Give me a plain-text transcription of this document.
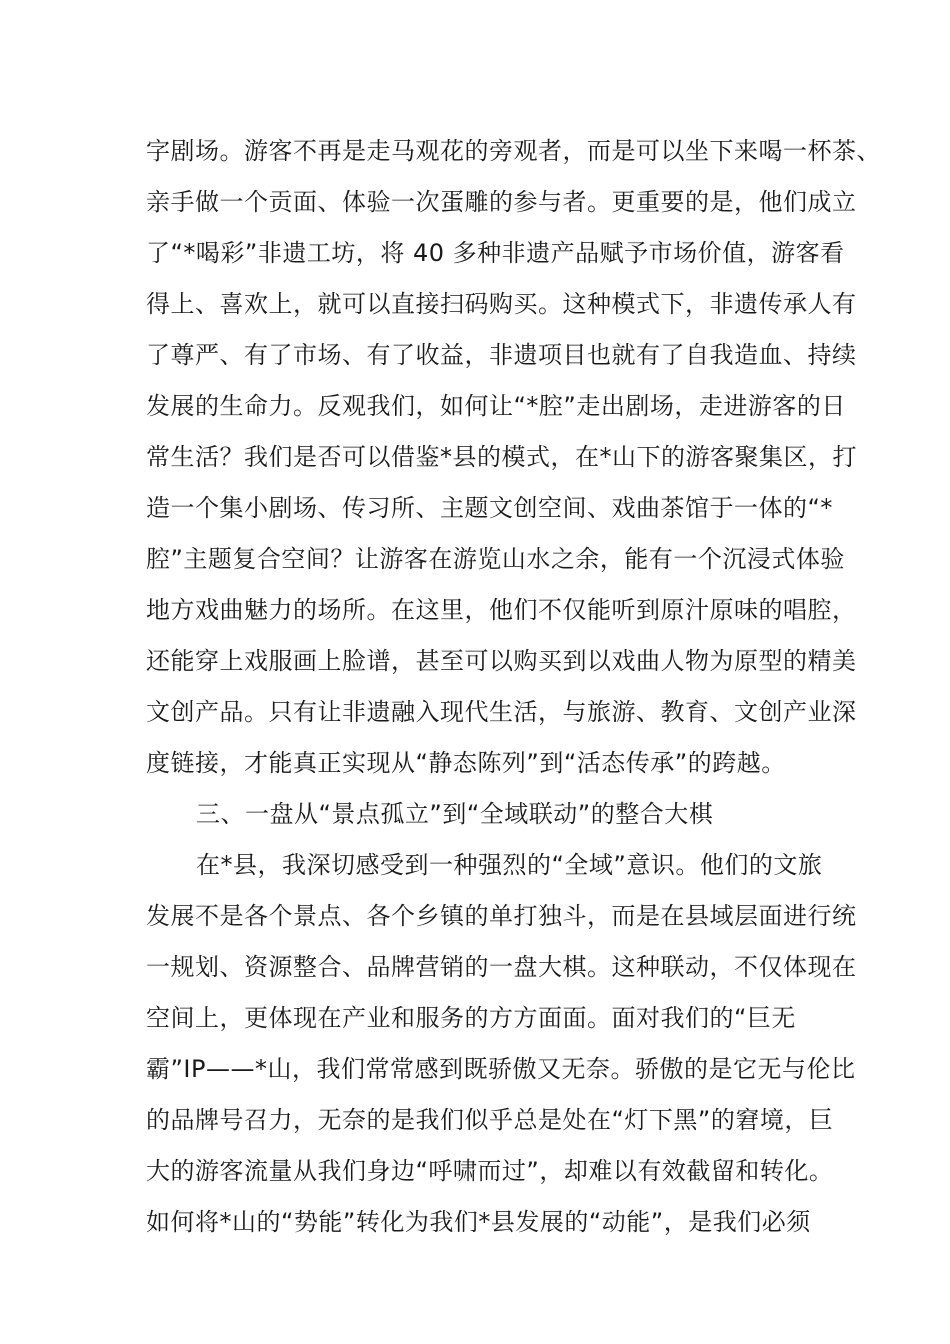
字剧场。游客不再是走马观花的旁观者，而是可以坐下来喝一杯茶、
亲手做一个贡面、体验一次蛋雕的参与者。更重要的是，他们成立
了“*喝彩”非遗工坊，将 40 多种非遗产品赋予市场价值，游客看
得上、喜欢上，就可以直接扫码购买。这种模式下，非遗传承人有
了尊严、有了市场、有了收益，非遗项目也就有了自我造血、持续
发展的生命力。反观我们，如何让“*腔”走出剧场，走进游客的日
常生活？我们是否可以借鉴*县的模式，在*山下的游客聚集区，打
造一个集小剧场、传习所、主题文创空间、戏曲茶馆于一体的“*
腔”主题复合空间？让游客在游览山水之余，能有一个沉浸式体验
地方戏曲魅力的场所。在这里，他们不仅能听到原汁原味的唱腔，
还能穿上戏服画上脸谱，甚至可以购买到以戏曲人物为原型的精美
文创产品。只有让非遗融入现代生活，与旅游、教育、文创产业深
度链接，才能真正实现从“静态陈列”到“活态传承”的跨越。
三、一盘从“景点孤立”到“全域联动”的整合大棋
在*县，我深切感受到一种强烈的“全域”意识。他们的文旅
发展不是各个景点、各个乡镇的单打独斗，而是在县域层面进行统
一规划、资源整合、品牌营销的一盘大棋。这种联动，不仅体现在
空间上，更体现在产业和服务的方方面面。面对我们的“巨无
霸”IP——*山，我们常常感到既骄傲又无奈。骄傲的是它无与伦比
的品牌号召力，无奈的是我们似乎总是处在“灯下黑”的窘境，巨
大的游客流量从我们身边“呼啸而过”，却难以有效截留和转化。
如何将*山的“势能”转化为我们*县发展的“动能”，是我们必须
